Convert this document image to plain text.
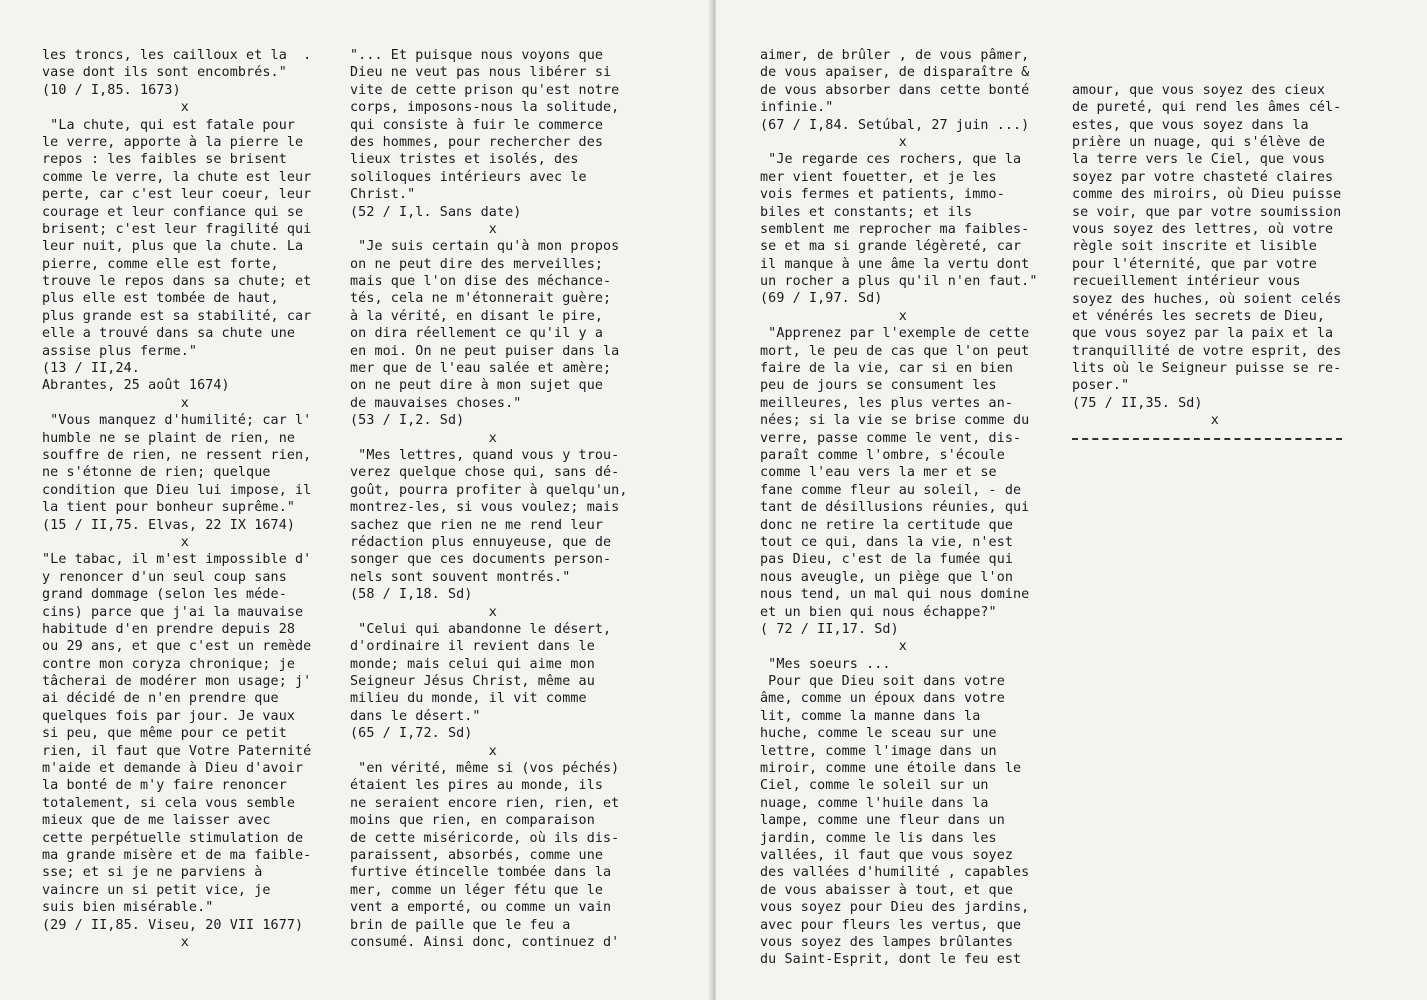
les troncs, les cailloux et la  .
vase dont ils sont encombrés."
(10 / I,85. 1673)
x
"La chute, qui est fatale pour
le verre, apporte à la pierre le
repos : les faibles se brisent
comme le verre, la chute est leur
perte, car c'est leur coeur, leur
courage et leur confiance qui se
brisent; c'est leur fragilité qui
leur nuit, plus que la chute. La
pierre, comme elle est forte,
trouve le repos dans sa chute; et
plus elle est tombée de haut,
plus grande est sa stabilité, car
elle a trouvé dans sa chute une
assise plus ferme."
(13 / II,24.
Abrantes, 25 août 1674)
x
"Vous manquez d'humilité; car l'
humble ne se plaint de rien, ne
souffre de rien, ne ressent rien,
ne s'étonne de rien; quelque
condition que Dieu lui impose, il
la tient pour bonheur suprême."
(15 / II,75. Elvas, 22 IX 1674)
x
"Le tabac, il m'est impossible d'
y renoncer d'un seul coup sans
grand dommage (selon les méde-
cins) parce que j'ai la mauvaise
habitude d'en prendre depuis 28
ou 29 ans, et que c'est un remède
contre mon coryza chronique; je
tâcherai de modérer mon usage; j'
ai décidé de n'en prendre que
quelques fois par jour. Je vaux
si peu, que même pour ce petit
rien, il faut que Votre Paternité
m'aide et demande à Dieu d'avoir
la bonté de m'y faire renoncer
totalement, si cela vous semble
mieux que de me laisser avec
cette perpétuelle stimulation de
ma grande misère et de ma faible-
sse; et si je ne parviens à
vaincre un si petit vice, je
suis bien misérable."
(29 / II,85. Viseu, 20 VII 1677)
x
"... Et puisque nous voyons que
Dieu ne veut pas nous libérer si
vite de cette prison qu'est notre
corps, imposons-nous la solitude,
qui consiste à fuir le commerce
des hommes, pour rechercher des
lieux tristes et isolés, des
soliloques intérieurs avec le
Christ."
(52 / I,l. Sans date)
x
"Je suis certain qu'à mon propos
on ne peut dire des merveilles;
mais que l'on dise des méchance-
tés, cela ne m'étonnerait guère;
à la vérité, en disant le pire,
on dira réellement ce qu'il y a
en moi. On ne peut puiser dans la
mer que de l'eau salée et amère;
on ne peut dire à mon sujet que
de mauvaises choses."
(53 / I,2. Sd)
x
"Mes lettres, quand vous y trou-
verez quelque chose qui, sans dé-
goût, pourra profiter à quelqu'un,
montrez-les, si vous voulez; mais
sachez que rien ne me rend leur
rédaction plus ennuyeuse, que de
songer que ces documents person-
nels sont souvent montrés."
(58 / I,18. Sd)
x
"Celui qui abandonne le désert,
d'ordinaire il revient dans le
monde; mais celui qui aime mon
Seigneur Jésus Christ, même au
milieu du monde, il vit comme
dans le désert."
(65 / I,72. Sd)
x
"en vérité, même si (vos péchés)
étaient les pires au monde, ils
ne seraient encore rien, rien, et
moins que rien, en comparaison
de cette miséricorde, où ils dis-
paraissent, absorbés, comme une
furtive étincelle tombée dans la
mer, comme un léger fétu que le
vent a emporté, ou comme un vain
brin de paille que le feu a
consumé. Ainsi donc, continuez d'
aimer, de brûler , de vous pâmer,
de vous apaiser, de disparaître &
de vous absorber dans cette bonté
infinie."
(67 / I,84. Setúbal, 27 juin ...)
x
"Je regarde ces rochers, que la
mer vient fouetter, et je les
vois fermes et patients, immo-
biles et constants; et ils
semblent me reprocher ma faibles-
se et ma si grande légèreté, car
il manque à une âme la vertu dont
un rocher a plus qu'il n'en faut."
(69 / I,97. Sd)
x
"Apprenez par l'exemple de cette
mort, le peu de cas que l'on peut
faire de la vie, car si en bien
peu de jours se consument les
meilleures, les plus vertes an-
nées; si la vie se brise comme du
verre, passe comme le vent, dis-
paraît comme l'ombre, s'écoule
comme l'eau vers la mer et se
fane comme fleur au soleil, - de
tant de désillusions réunies, qui
donc ne retire la certitude que
tout ce qui, dans la vie, n'est
pas Dieu, c'est de la fumée qui
nous aveugle, un piège que l'on
nous tend, un mal qui nous domine
et un bien qui nous échappe?"
( 72 / II,17. Sd)
x
"Mes soeurs ...
Pour que Dieu soit dans votre
âme, comme un époux dans votre
lit, comme la manne dans la
huche, comme le sceau sur une
lettre, comme l'image dans un
miroir, comme une étoile dans le
Ciel, comme le soleil sur un
nuage, comme l'huile dans la
lampe, comme une fleur dans un
jardin, comme le lis dans les
vallées, il faut que vous soyez
des vallées d'humilité , capables
de vous abaisser à tout, et que
vous soyez pour Dieu des jardins,
avec pour fleurs les vertus, que
vous soyez des lampes brûlantes
du Saint-Esprit, dont le feu est

amour, que vous soyez des cieux
de pureté, qui rend les âmes cél-
estes, que vous soyez dans la
prière un nuage, qui s'élève de
la terre vers le Ciel, que vous
soyez par votre chasteté claires
comme des miroirs, où Dieu puisse
se voir, que par votre soumission
vous soyez des lettres, où votre
règle soit inscrite et lisible
pour l'éternité, que par votre
recueillement intérieur vous
soyez des huches, où soient celés
et vénérés les secrets de Dieu,
que vous soyez par la paix et la
tranquillité de votre esprit, des
lits où le Seigneur puisse se re-
poser."
(75 / II,35. Sd)
x
